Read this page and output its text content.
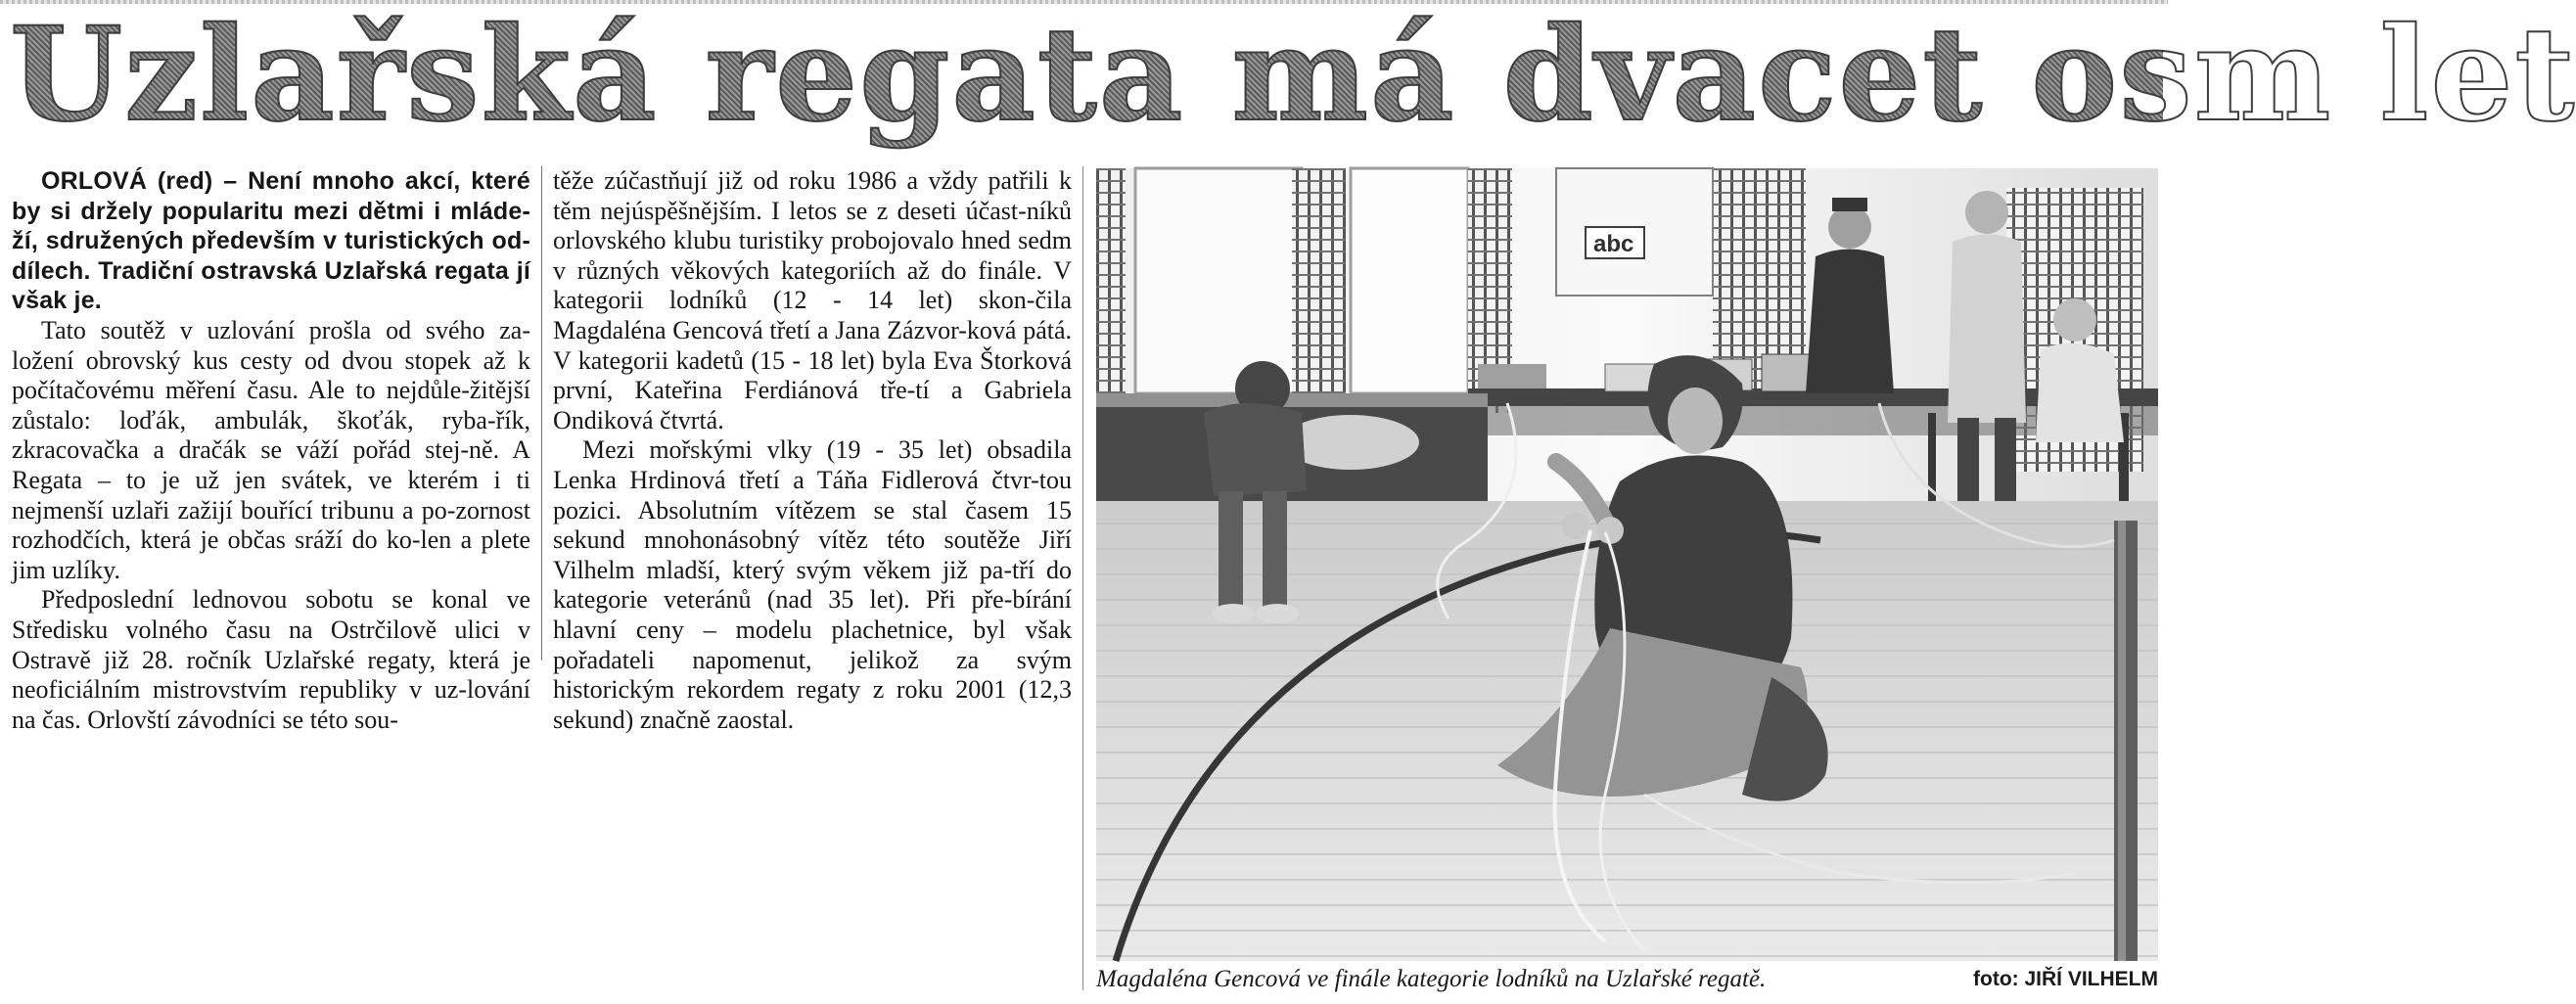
Uzlařská regata má dvacet osm let

ORLOVÁ (red) – Není mnoho akcí, které by si držely popularitu mezi dětmi i mláde-ží, sdružených především v turistických od-dílech. Tradiční ostravská Uzlařská regata jí však je.

Tato soutěž v uzlování prošla od svého za-ložení obrovský kus cesty od dvou stopek až k počítačovému měření času. Ale to nejdůle-žitější zůstalo: loďák, ambulák, škoťák, ryba-řík, zkracovačka a dračák se váží pořád stej-ně. A Regata – to je už jen svátek, ve kterém i ti nejmenší uzlaři zažijí bouřící tribunu a po-zornost rozhodčích, která je občas sráží do ko-len a plete jim uzlíky.

Předposlední lednovou sobotu se konal ve Středisku volného času na Ostrčilově ulici v Ostravě již 28. ročník Uzlařské regaty, která je neoficiálním mistrovstvím republiky v uz-lování na čas. Orlovští závodníci se této sou-

těže zúčastňují již od roku 1986 a vždy patřili k těm nejúspěšnějším. I letos se z deseti účast-níků orlovského klubu turistiky probojovalo hned sedm v různých věkových kategoriích až do finále. V kategorii lodníků (12 - 14 let) skon-čila Magdaléna Gencová třetí a Jana Zázvor-ková pátá. V kategorii kadetů (15 - 18 let) byla Eva Štorková první, Kateřina Ferdiánová tře-tí a Gabriela Ondiková čtvrtá.

Mezi mořskými vlky (19 - 35 let) obsadila Lenka Hrdinová třetí a Táňa Fidlerová čtvr-tou pozici. Absolutním vítězem se stal časem 15 sekund mnohonásobný vítěz této soutěže Jiří Vilhelm mladší, který svým věkem již pa-tří do kategorie veteránů (nad 35 let). Při pře-bírání hlavní ceny – modelu plachetnice, byl však pořadateli napomenut, jelikož za svým historickým rekordem regaty z roku 2001 (12,3 sekund) značně zaostal.

abc
Magdaléna Gencová ve finále kategorie lodníků na Uzlařské regatě.	foto: JIŘÍ VILHELM
